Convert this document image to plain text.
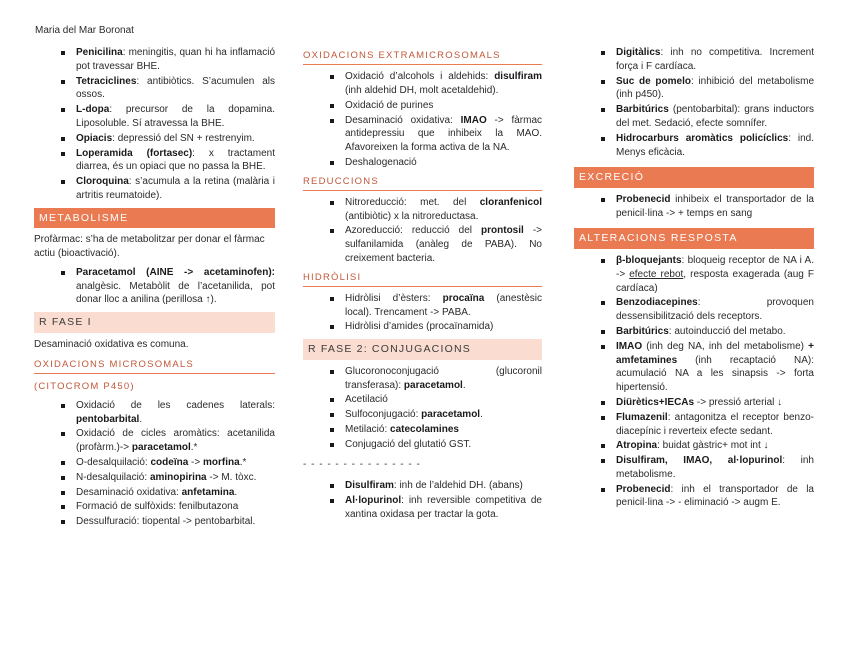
Maria del Mar Boronat
Penicilina: meningitis, quan hi ha inflamació pot travessar BHE.
Tetraciclines: antibiòtics. S’acumulen als ossos.
L-dopa: precursor de la dopamina. Liposoluble. Sí atravessa la BHE.
Opiacis: depressió del SN + restrenyim.
Loperamida (fortasec): x tractament diarrea, és un opiaci que no passa la BHE.
Cloroquina: s’acumula a la retina (malària i artritis reumatoide).
METABOLISME
Profàrmac: s’ha de metabolitzar per donar el fàrmac actiu (bioactivació).
Paracetamol (AINE -> acetaminofen): analgèsic. Metabòlit de l’acetanilida, pot donar lloc a anilina (perillosa ↑).
R FASE I
Desaminació oxidativa es comuna.
OXIDACIONS MICROSOMALS
(CITOCROM P450)
Oxidació de les cadenes laterals: pentobarbital.
Oxidació de cicles aromàtics: acetanilida (profàrm.)-> paracetamol.*
O-desalquilació: codeïna -> morfina.*
N-desalquilació: aminopirina -> M. tòxc.
Desaminació oxidativa: anfetamina.
Formació de sulfòxids: fenilbutazona
Dessulfuració: tiopental -> pentobarbital.
OXIDACIONS EXTRAMICROSOMALS
Oxidació d’alcohols i aldehids: disulfiram (inh aldehid DH, molt acetaldehid).
Oxidació de purines
Desaminació oxidativa: IMAO -> fàrmac antidepressiu que inhibeix la MAO. Afavoreixen la forma activa de la NA.
Deshalogenació
REDUCCIONS
Nitroreducció: met. del cloranfenicol (antibiòtic) x la nitroreductasa.
Azoreducció: reducció del prontosil -> sulfanilamida (anàleg de PABA). No creixement bacteria.
HIDRÒLISI
Hidròlisi d’èsters: procaïna (anestèsic local). Trencament -> PABA.
Hidròlisi d’amides (procaïnamida)
R FASE 2: CONJUGACIONS
Glucoronoconjugació (glucoronil transferasa): paracetamol.
Acetilació
Sulfoconjugació: paracetamol.
Metilació: catecolamines
Conjugació del glutatió GST.
- - - - - - - - - - - - - - -
Disulfiram: inh de l’aldehid DH. (abans)
Al·lopurinol: inh reversible competitiva de xantina oxidasa per tractar la gota.
Digitàlics: inh no competitiva. Increment força i F cardíaca.
Suc de pomelo: inhibició del metabolisme (inh p450).
Barbitúrics (pentobarbital): grans inductors del met. Sedació, efecte somnífer.
Hidrocarburs aromàtics policíclics: ind. Menys eficàcia.
EXCRECIÓ
Probenecid inhibeix el transportador de la penicil·lina -> + temps en sang
ALTERACIONS RESPOSTA
β-bloquejants: bloqueig receptor de NA i A. -> efecte rebot, resposta exagerada (aug F cardíaca)
Benzodiacepines: provoquen dessensibilització dels receptors.
Barbitúrics: autoinducció del metabo.
IMAO (inh deg NA, inh del metabolisme) + amfetamines (inh recaptació NA): acumulació NA a les sinapsis -> forta hipertensió.
Diürètics+IECAs -> pressió arterial ↓
Flumazenil: antagonitza el receptor benzo-diacepínic i reverteix efecte sedant.
Atropina: buidat gàstric+ mot int ↓
Disulfiram, IMAO, al·lopurinol: inh metabolisme.
Probenecid: inh el transportador de la penicil·lina -> - eliminació -> augm E.
